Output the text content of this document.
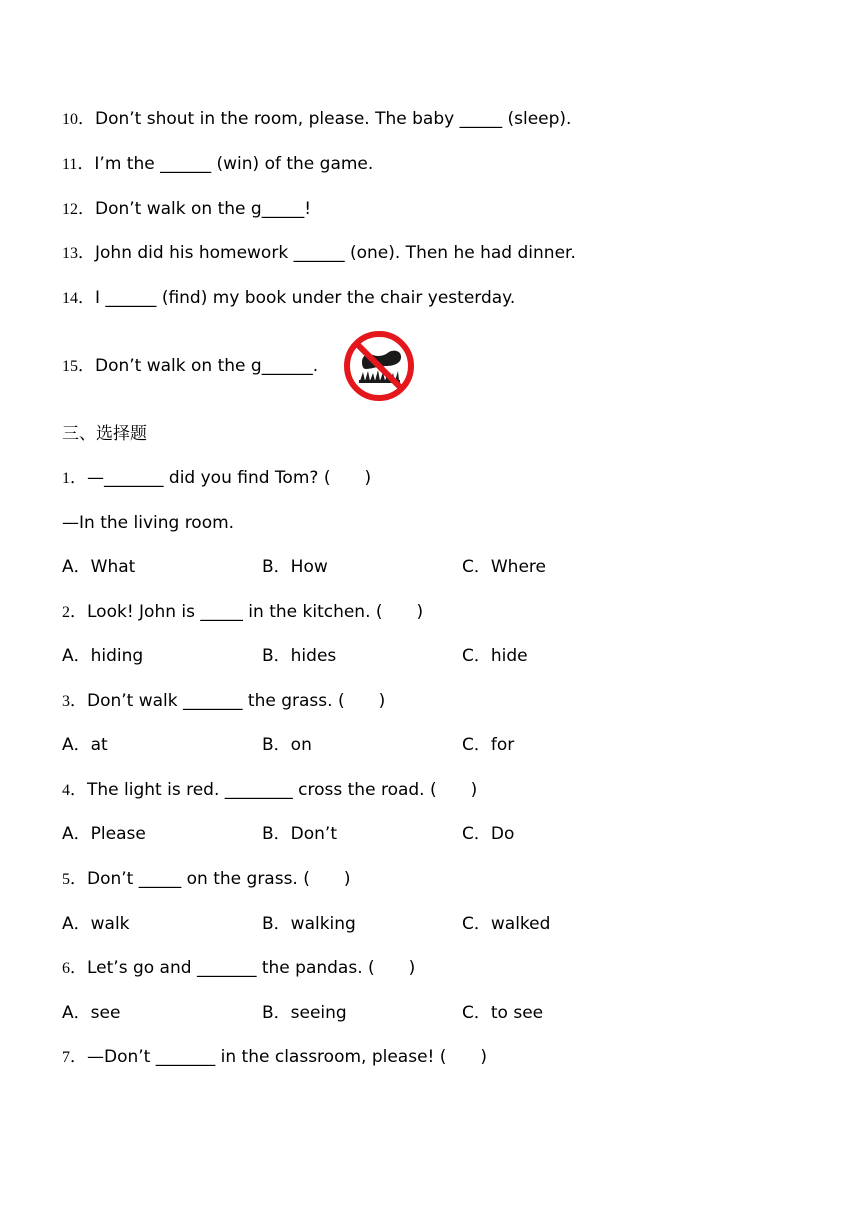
10．Don’t shout in the room, please. The baby _____ (sleep).
11．I’m the ______ (win) of the game.
12．Don’t walk on the g_____!
13．John did his homework ______ (one). Then he had dinner.
14．I ______ (find) my book under the chair yesterday.
15．Don’t walk on the g______.
三、选择题
1．—_______ did you find Tom? (　　)
—In the living room.
A．What	B．How	C．Where
2．Look! John is _____ in the kitchen. (　　)
A．hiding	B．hides	C．hide
3．Don’t walk _______ the grass. (　　)
A．at	B．on	C．for
4．The light is red. ________ cross the road. (　　)
A．Please	B．Don’t	C．Do
5．Don’t _____ on the grass. (　　)
A．walk	B．walking	C．walked
6．Let’s go and _______ the pandas. (　　)
A．see	B．seeing	C．to see
7．—Don’t _______ in the classroom, please! (　　)
